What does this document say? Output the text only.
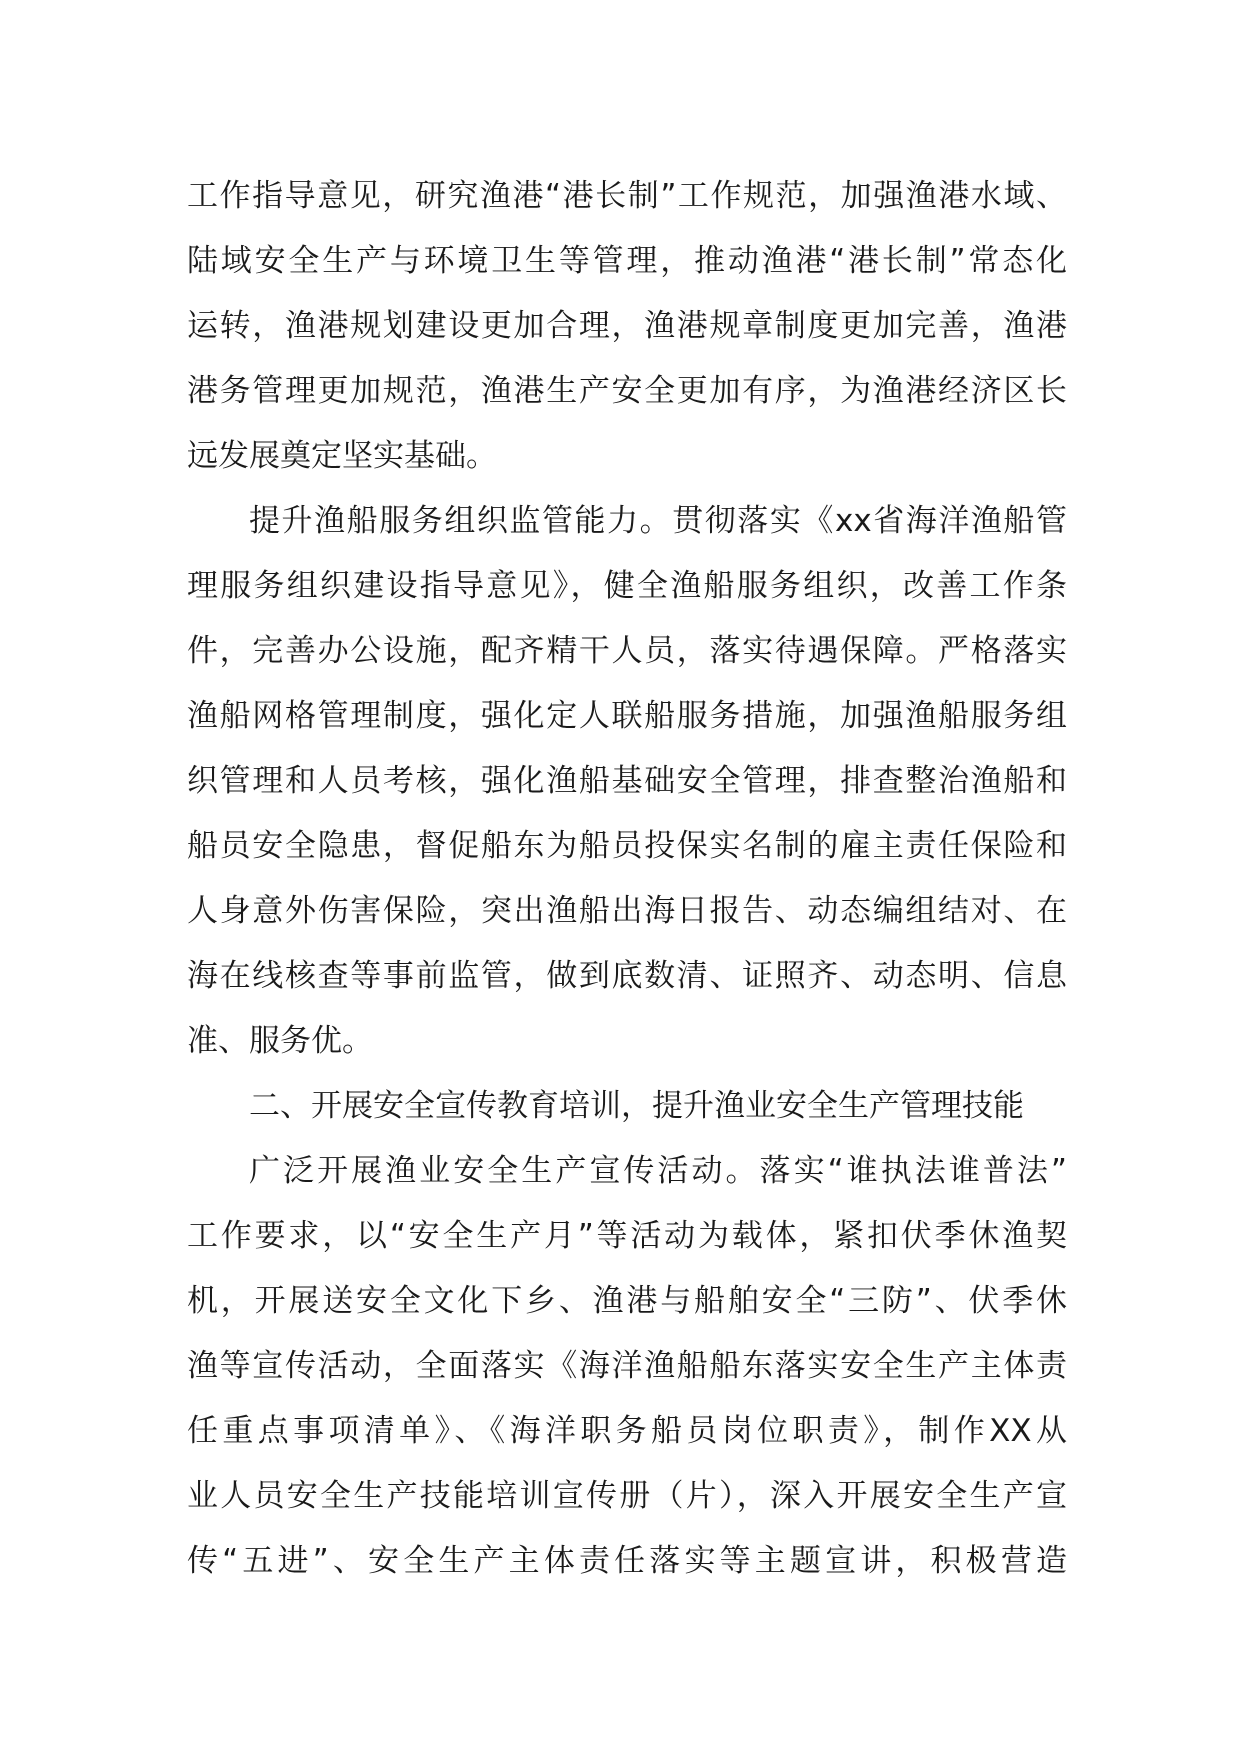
工作指导意见，研究渔港“港长制”工作规范，加强渔港水域、
陆域安全生产与环境卫生等管理，推动渔港“港长制”常态化
运转，渔港规划建设更加合理，渔港规章制度更加完善，渔港
港务管理更加规范，渔港生产安全更加有序，为渔港经济区长
远发展奠定坚实基础。
提升渔船服务组织监管能力。贯彻落实《xx省海洋渔船管
理服务组织建设指导意见》，健全渔船服务组织，改善工作条
件，完善办公设施，配齐精干人员，落实待遇保障。严格落实
渔船网格管理制度，强化定人联船服务措施，加强渔船服务组
织管理和人员考核，强化渔船基础安全管理，排查整治渔船和
船员安全隐患，督促船东为船员投保实名制的雇主责任保险和
人身意外伤害保险，突出渔船出海日报告、动态编组结对、在
海在线核查等事前监管，做到底数清、证照齐、动态明、信息
准、服务优。
二、开展安全宣传教育培训，提升渔业安全生产管理技能
广泛开展渔业安全生产宣传活动。落实“谁执法谁普法”
工作要求，以“安全生产月”等活动为载体，紧扣伏季休渔契
机，开展送安全文化下乡、渔港与船舶安全“三防”、伏季休
渔等宣传活动，全面落实《海洋渔船船东落实安全生产主体责
任重点事项清单》、《海洋职务船员岗位职责》，制作XX从
业人员安全生产技能培训宣传册（片），深入开展安全生产宣
传“五进”、安全生产主体责任落实等主题宣讲，积极营造
